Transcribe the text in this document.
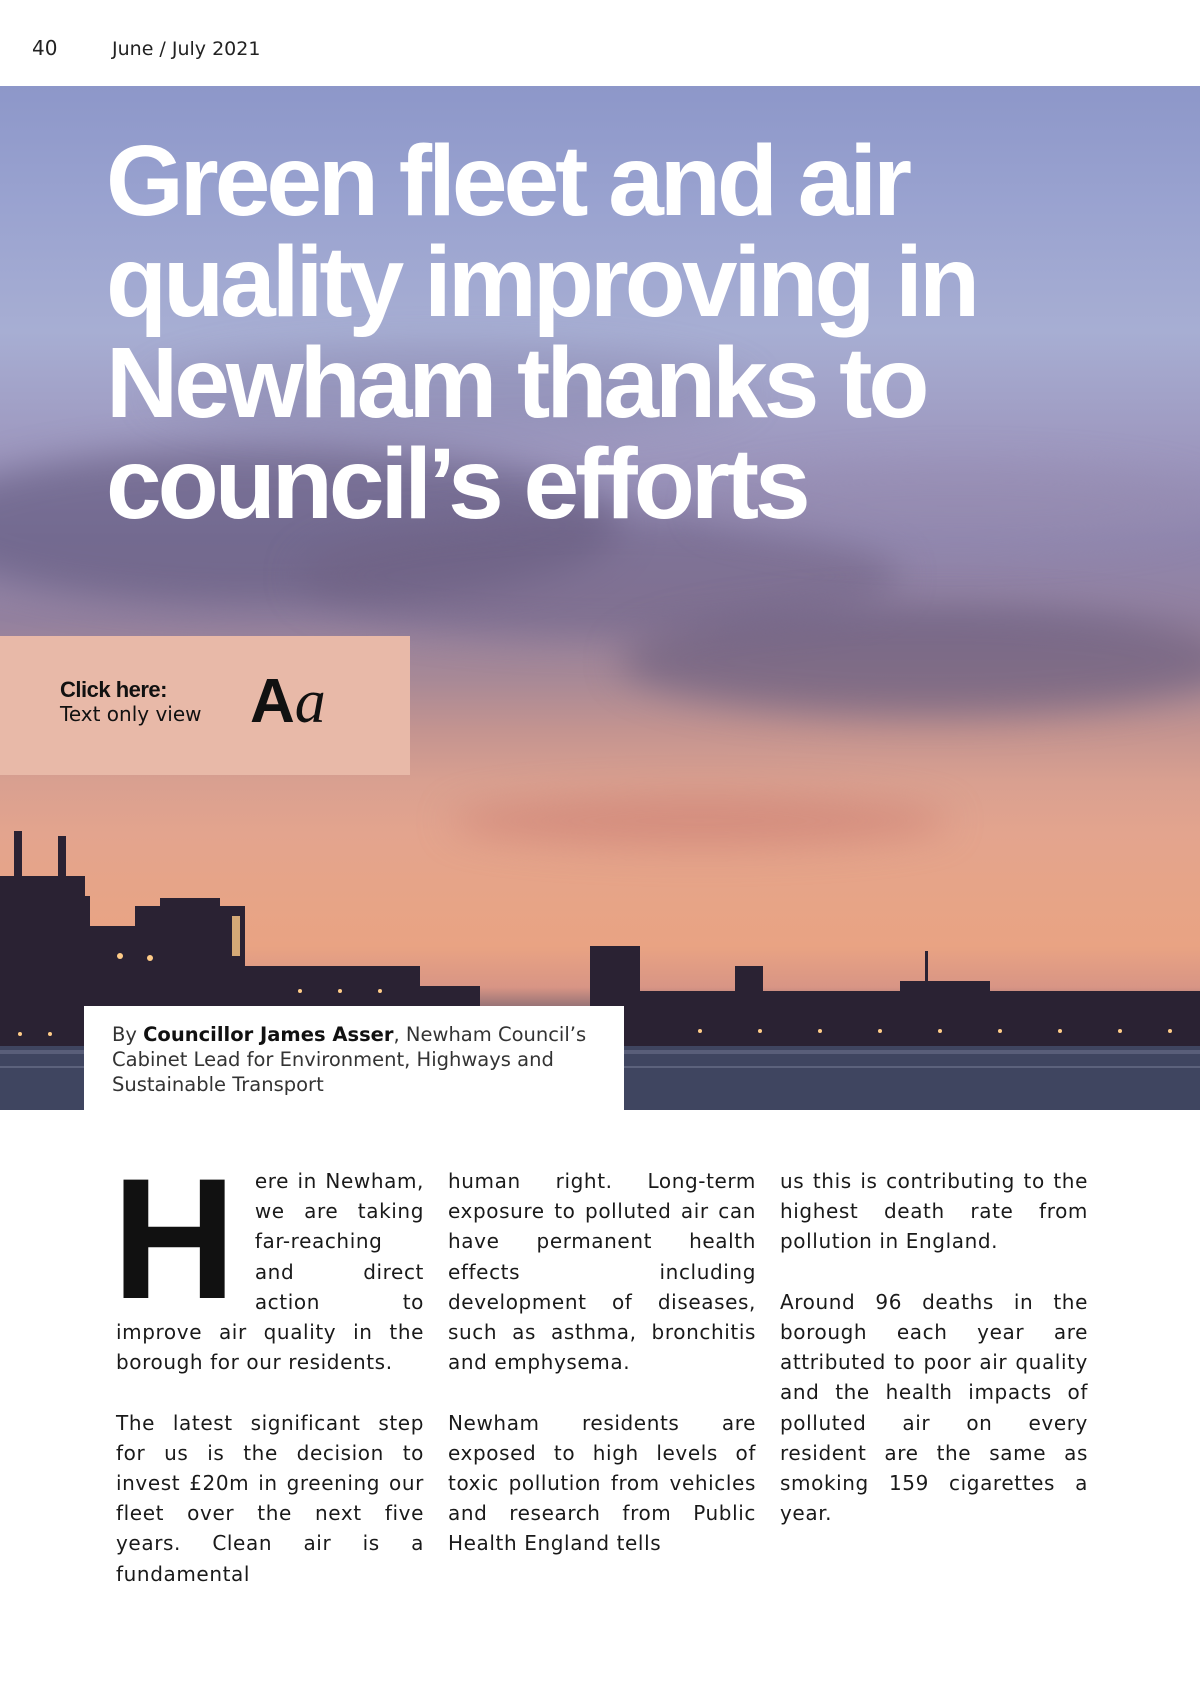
40	June / July 2021
Green fleet and air
quality improving in
Newham thanks to
council’s efforts
Click here:
Text only view Aa

By Councillor James Asser, Newham Council’s Cabinet Lead for Environment, Highways and Sustainable Transport

Here in Newham, we are taking far-reaching and direct action to improve air quality in the borough for our residents.

The latest significant step for us is the decision to invest £20m in greening our fleet over the next five years. Clean air is a fundamental

human right. Long-term exposure to polluted air can have permanent health effects including development of diseases, such as asthma, bronchitis and emphysema.

Newham residents are exposed to high levels of toxic pollution from vehicles and research from Public Health England tells

us this is contributing to the highest death rate from pollution in England.

Around 96 deaths in the borough each year are attributed to poor air quality and the health impacts of polluted air on every resident are the same as smoking 159 cigarettes a year.
